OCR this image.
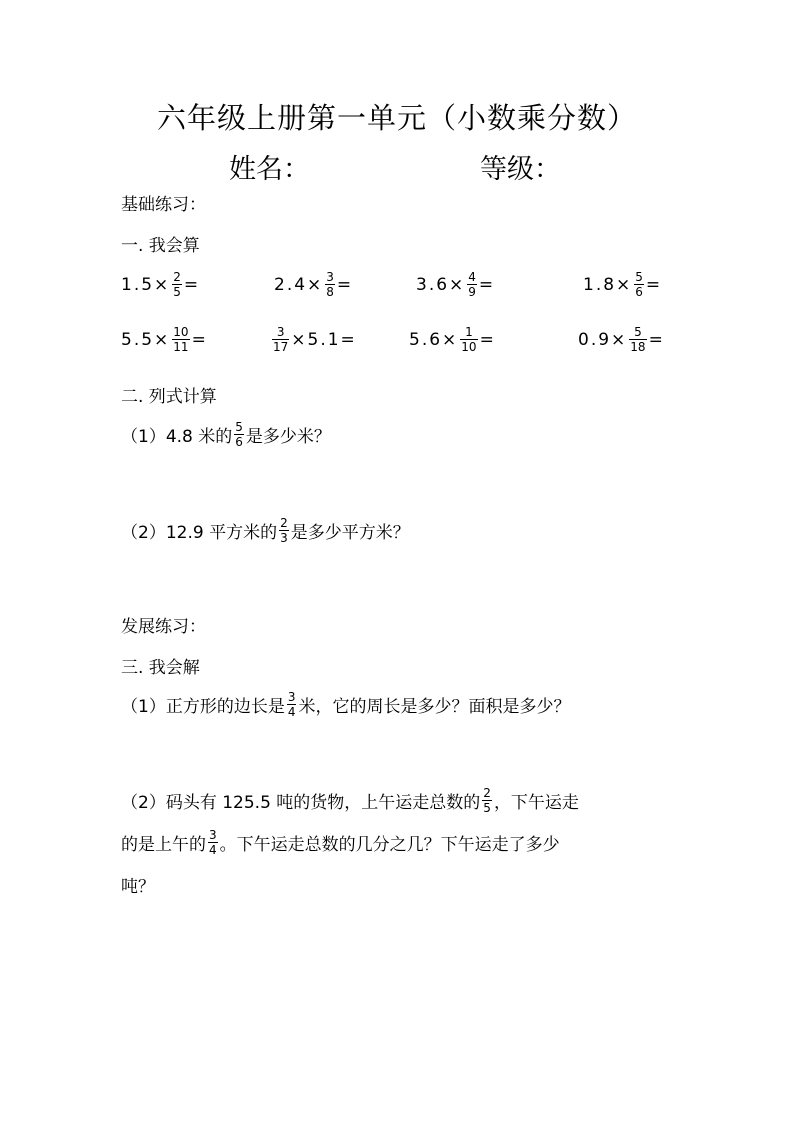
六年级上册第一单元（小数乘分数）
姓名：	等级：
基础练习：
一. 我会算
$1.5\times \frac{2}{5}$ =	$2.4\times \frac{3}{8}$ =	$3.6\times \frac{4}{9}$ =	$1.8\times \frac{5}{6}$ =
$5.5\times \frac{10}{11}$ =	$\frac{3}{17} \times 5.1=$	$5.6\times \frac{1}{10}$ =	$0.9\times \frac{5}{18}$ =
二. 列式计算
（1）4.8 米的 $\frac{5}{6}$ 是多少米？
（2）12.9 平方米的 $\frac{2}{3}$ 是多少平方米？
发展练习：
三. 我会解
（1）正方形的边长是 $\frac{3}{4}$ 米，它的周长是多少？面积是多少？
（2）码头有 125.5 吨的货物，上午运走总数的 $\frac{2}{5}$ ，下午运走
的是上午的 $\frac{3}{4}$ 。下午运走总数的几分之几？下午运走了多少
吨？
